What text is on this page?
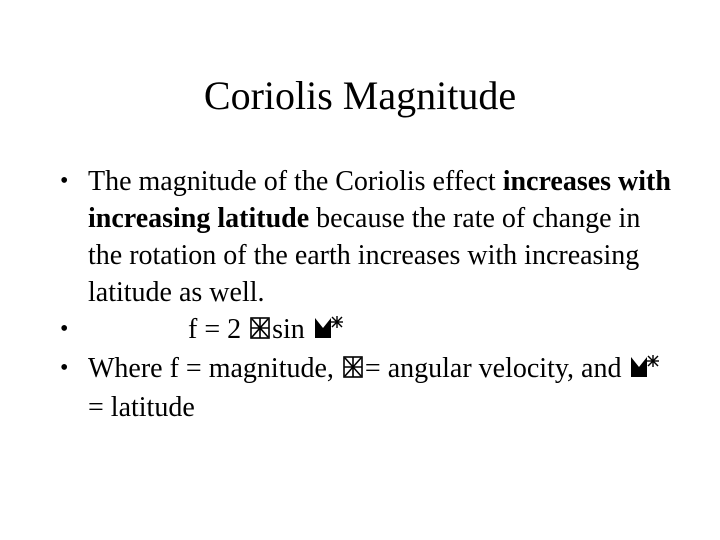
Coriolis Magnitude
• The magnitude of the Coriolis effect increases with increasing latitude because the rate of change in the rotation of the earth increases with increasing latitude as well.
•	f = 2 sin
• Where f = magnitude, = angular velocity, and  = latitude
